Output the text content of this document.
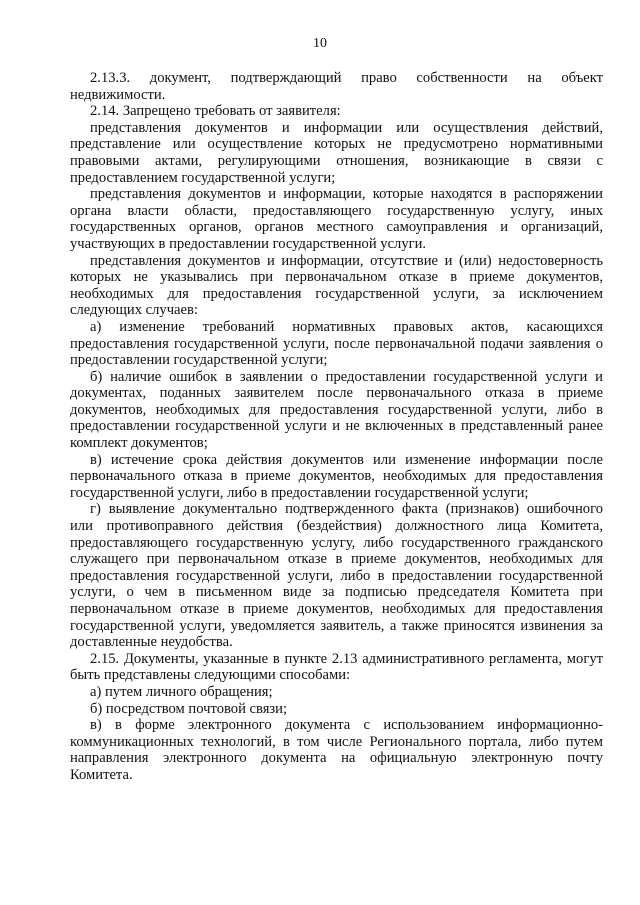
10

2.13.3. документ, подтверждающий право собственности на объект недвижимости.

2.14. Запрещено требовать от заявителя:

представления документов и информации или осуществления действий, представление или осуществление которых не предусмотрено нормативными правовыми актами, регулирующими отношения, возникающие в связи с предоставлением государственной услуги;

представления документов и информации, которые находятся в распоряжении органа власти области, предоставляющего государственную услугу, иных государственных органов, органов местного самоуправления и организаций, участвующих в предоставлении государственной услуги.

представления документов и информации, отсутствие и (или) недостоверность которых не указывались при первоначальном отказе в приеме документов, необходимых для предоставления государственной услуги, за исключением следующих случаев:

а) изменение требований нормативных правовых актов, касающихся предоставления государственной услуги, после первоначальной подачи заявления о предоставлении государственной услуги;

б) наличие ошибок в заявлении о предоставлении государственной услуги и документах, поданных заявителем после первоначального отказа в приеме документов, необходимых для предоставления государственной услуги, либо в предоставлении государственной услуги и не включенных в представленный ранее комплект документов;

в) истечение срока действия документов или изменение информации после первоначального отказа в приеме документов, необходимых для предоставления государственной услуги, либо в предоставлении государственной услуги;

г) выявление документально подтвержденного факта (признаков) ошибочного или противоправного действия (бездействия) должностного лица Комитета, предоставляющего государственную услугу, либо государственного гражданского служащего при первоначальном отказе в приеме документов, необходимых для предоставления государственной услуги, либо в предоставлении государственной услуги, о чем в письменном виде за подписью председателя Комитета при первоначальном отказе в приеме документов, необходимых для предоставления государственной услуги, уведомляется заявитель, а также приносятся извинения за доставленные неудобства.

2.15. Документы, указанные в пункте 2.13 административного регламента, могут быть представлены следующими способами:

а) путем личного обращения;

б) посредством почтовой связи;

в) в форме электронного документа с использованием информационно-коммуникационных технологий, в том числе Регионального портала, либо путем направления электронного документа на официальную электронную почту Комитета.
